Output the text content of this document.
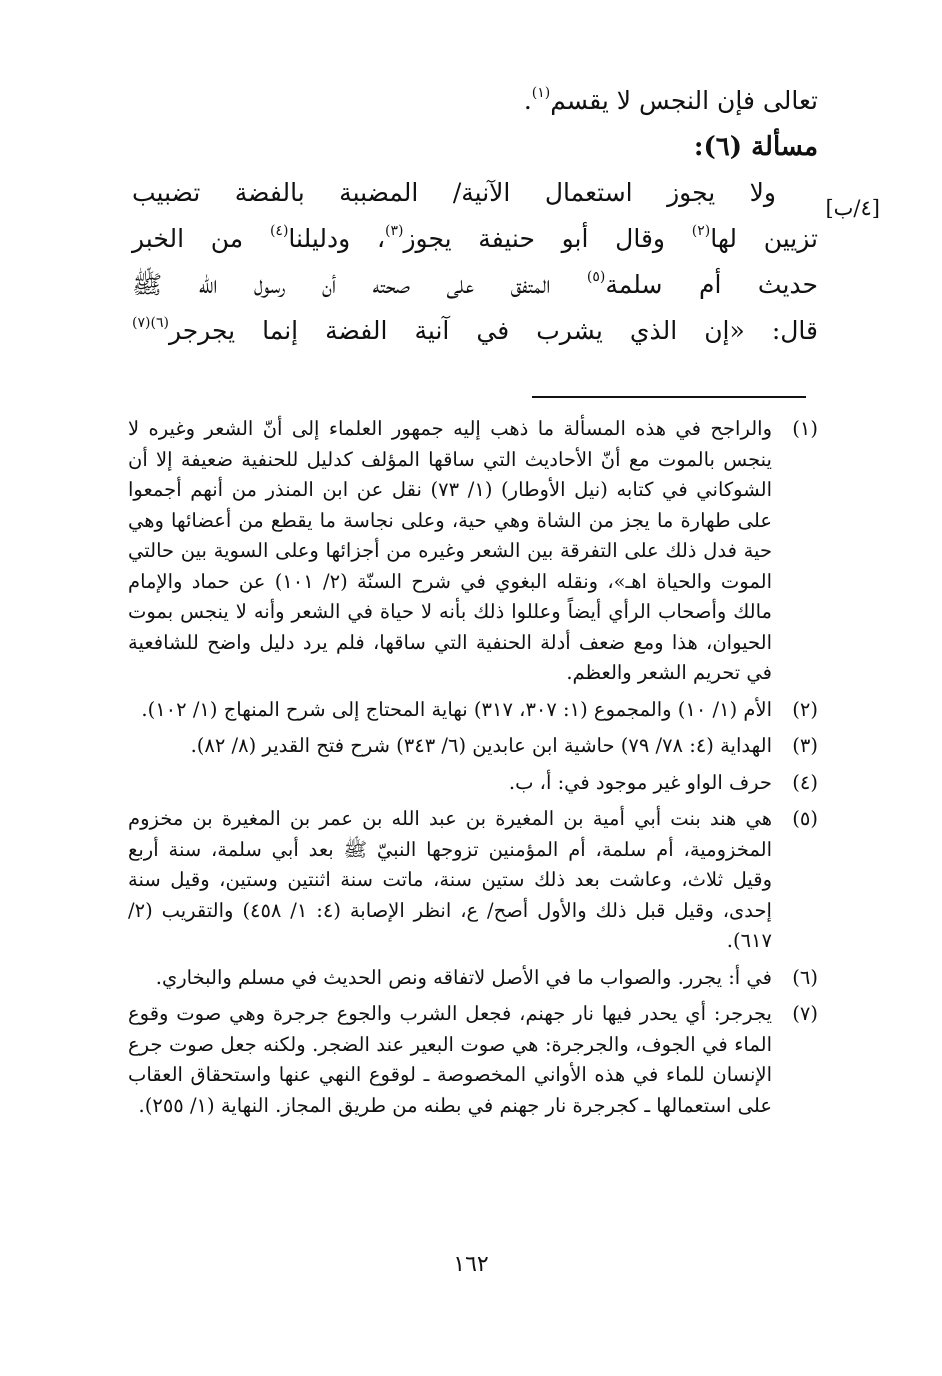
تعالى فإن النجس لا يقسم$^{(١)}$.

مسألة (٦):

ولا يجوز استعمال الآنية/ المضببة بالفضة تضبيب
تزيين لها$^{(٢)}$ وقال أبو حنيفة يجوز$^{(٣)}$، ودليلنا$^{(٤)}$ من الخبر
حديث أم سلمة$^{(٥)}$ المتفق على صحته أن رسول الله ﷺ
قال: «إن الذي يشرب في آنية الفضة إنما يجرجر$^{(٦)(٧)}$

[٤/ب]
(١)
والراجح في هذه المسألة ما ذهب إليه جمهور العلماء إلى أنّ الشعر وغيره لا ينجس بالموت مع أنّ الأحاديث التي ساقها المؤلف كدليل للحنفية ضعيفة إلا أن الشوكاني في كتابه (نيل الأوطار) (١/ ٧٣) نقل عن ابن المنذر من أنهم أجمعوا على طهارة ما يجز من الشاة وهي حية، وعلى نجاسة ما يقطع من أعضائها وهي حية فدل ذلك على التفرقة بين الشعر وغيره من أجزائها وعلى السوية بين حالتي الموت والحياة اهـ»، ونقله البغوي في شرح السنّة (٢/ ١٠١) عن حماد والإمام مالك وأصحاب الرأي أيضاً وعللوا ذلك بأنه لا حياة في الشعر وأنه لا ينجس بموت الحيوان، هذا ومع ضعف أدلة الحنفية التي ساقها، فلم يرد دليل واضح للشافعية في تحريم الشعر والعظم.
(٢)
الأم (١/ ١٠) والمجموع (١: ٣٠٧، ٣١٧) نهاية المحتاج إلى شرح المنهاج (١/ ١٠٢).
(٣)
الهداية (٤: ٧٨/ ٧٩) حاشية ابن عابدين (٦/ ٣٤٣) شرح فتح القدير (٨/ ٨٢).
(٤)
حرف الواو غير موجود في: أ، ب.
(٥)
هي هند بنت أبي أمية بن المغيرة بن عبد الله بن عمر بن المغيرة بن مخزوم المخزومية، أم سلمة، أم المؤمنين تزوجها النبيّ ﷺ بعد أبي سلمة، سنة أربع وقيل ثلاث، وعاشت بعد ذلك ستين سنة، ماتت سنة اثنتين وستين، وقيل سنة إحدى، وقيل قبل ذلك والأول أصح/ ع، انظر الإصابة (٤: ١/ ٤٥٨) والتقريب (٢/ ٦١٧).
(٦)
في أ: يجرر. والصواب ما في الأصل لاتفاقه ونص الحديث في مسلم والبخاري.
(٧)
يجرجر: أي يحدر فيها نار جهنم، فجعل الشرب والجوع جرجرة وهي صوت وقوع الماء في الجوف، والجرجرة: هي صوت البعير عند الضجر. ولكنه جعل صوت جرع الإنسان للماء في هذه الأواني المخصوصة ـ لوقوع النهي عنها واستحقاق العقاب على استعمالها ـ كجرجرة نار جهنم في بطنه من طريق المجاز. النهاية (١/ ٢٥٥).
١٦٢
